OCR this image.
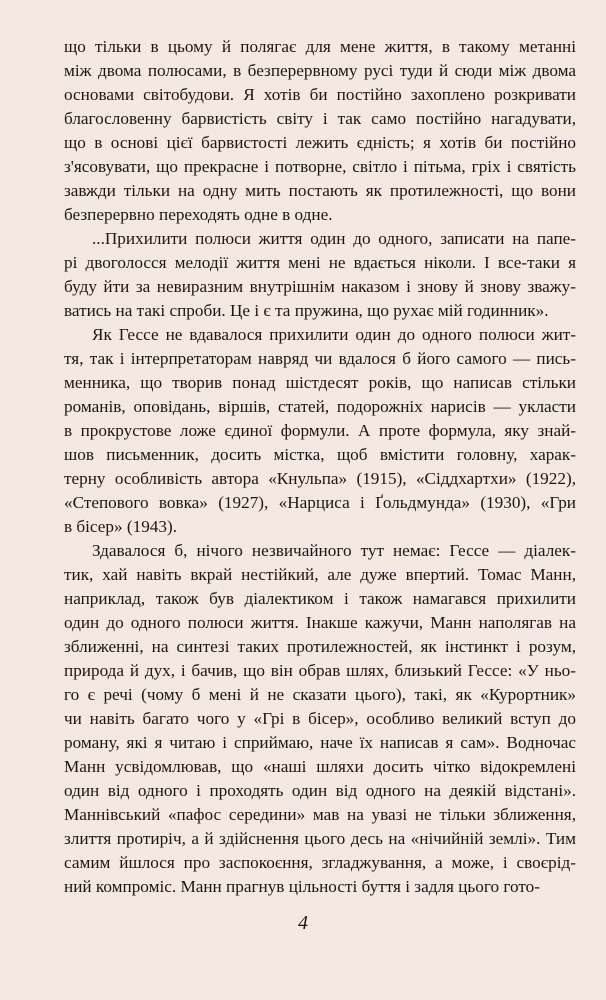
що тільки в цьому й полягає для мене життя, в такому метанні
між двома полюсами, в безперервному русі туди й сюди між двома
основами світобудови. Я хотів би постійно захоплено розкривати
благословенну барвистість світу і так само постійно нагадувати,
що в основі цієї барвистості лежить єдність; я хотів би постійно
з'ясовувати, що прекрасне і потворне, світло і пітьма, гріх і святість
завжди тільки на одну мить постають як протилежності, що вони
безперервно переходять одне в одне.
...Прихилити полюси життя один до одного, записати на папе-
рі двоголосся мелодії життя мені не вдається ніколи. І все-таки я
буду йти за невиразним внутрішнім наказом і знову й знову зважу-
ватись на такі спроби. Це і є та пружина, що рухає мій годинник».
Як Гессе не вдавалося прихилити один до одного полюси жит-
тя, так і інтерпретаторам навряд чи вдалося б його самого — пись-
менника, що творив понад шістдесят років, що написав стільки
романів, оповідань, віршів, статей, подорожніх нарисів — укласти
в прокрустове ложе єдиної формули. А проте формула, яку знай-
шов письменник, досить місткa, щоб вмістити головну, харак-
терну особливість автора «Кнульпа» (1915), «Сіддхартхи» (1922),
«Степового вовка» (1927), «Нарциса і Ґольдмунда» (1930), «Гри
в бісер» (1943).
Здавалося б, нічого незвичайного тут немає: Гессе — діалек-
тик, хай навіть вкрай нестійкий, але дуже впертий. Томас Манн,
наприклад, також був діалектиком і також намагався прихилити
один до одного полюси життя. Інакше кажучи, Манн наполягав на
зближенні, на синтезі таких протилежностей, як інстинкт і розум,
природа й дух, і бачив, що він обрав шлях, близький Гессе: «У ньо-
го є речі (чому б мені й не сказати цього), такі, як «Курортник»
чи навіть багато чого у «Грі в бісер», особливо великий вступ до
роману, які я читаю і сприймаю, наче їх написав я сам». Водночас
Манн усвідомлював, що «наші шляхи досить чітко відокремлені
один від одного і проходять один від одного на деякій відстані».
Маннівський «пафос середини» мав на увазі не тільки зближення,
злиття протиріч, а й здійснення цього десь на «нічийній землі». Тим
самим йшлося про заспокоєння, згладжування, а може, і своєрід-
ний компроміс. Манн прагнув цільності буття і задля цього гото-
4
